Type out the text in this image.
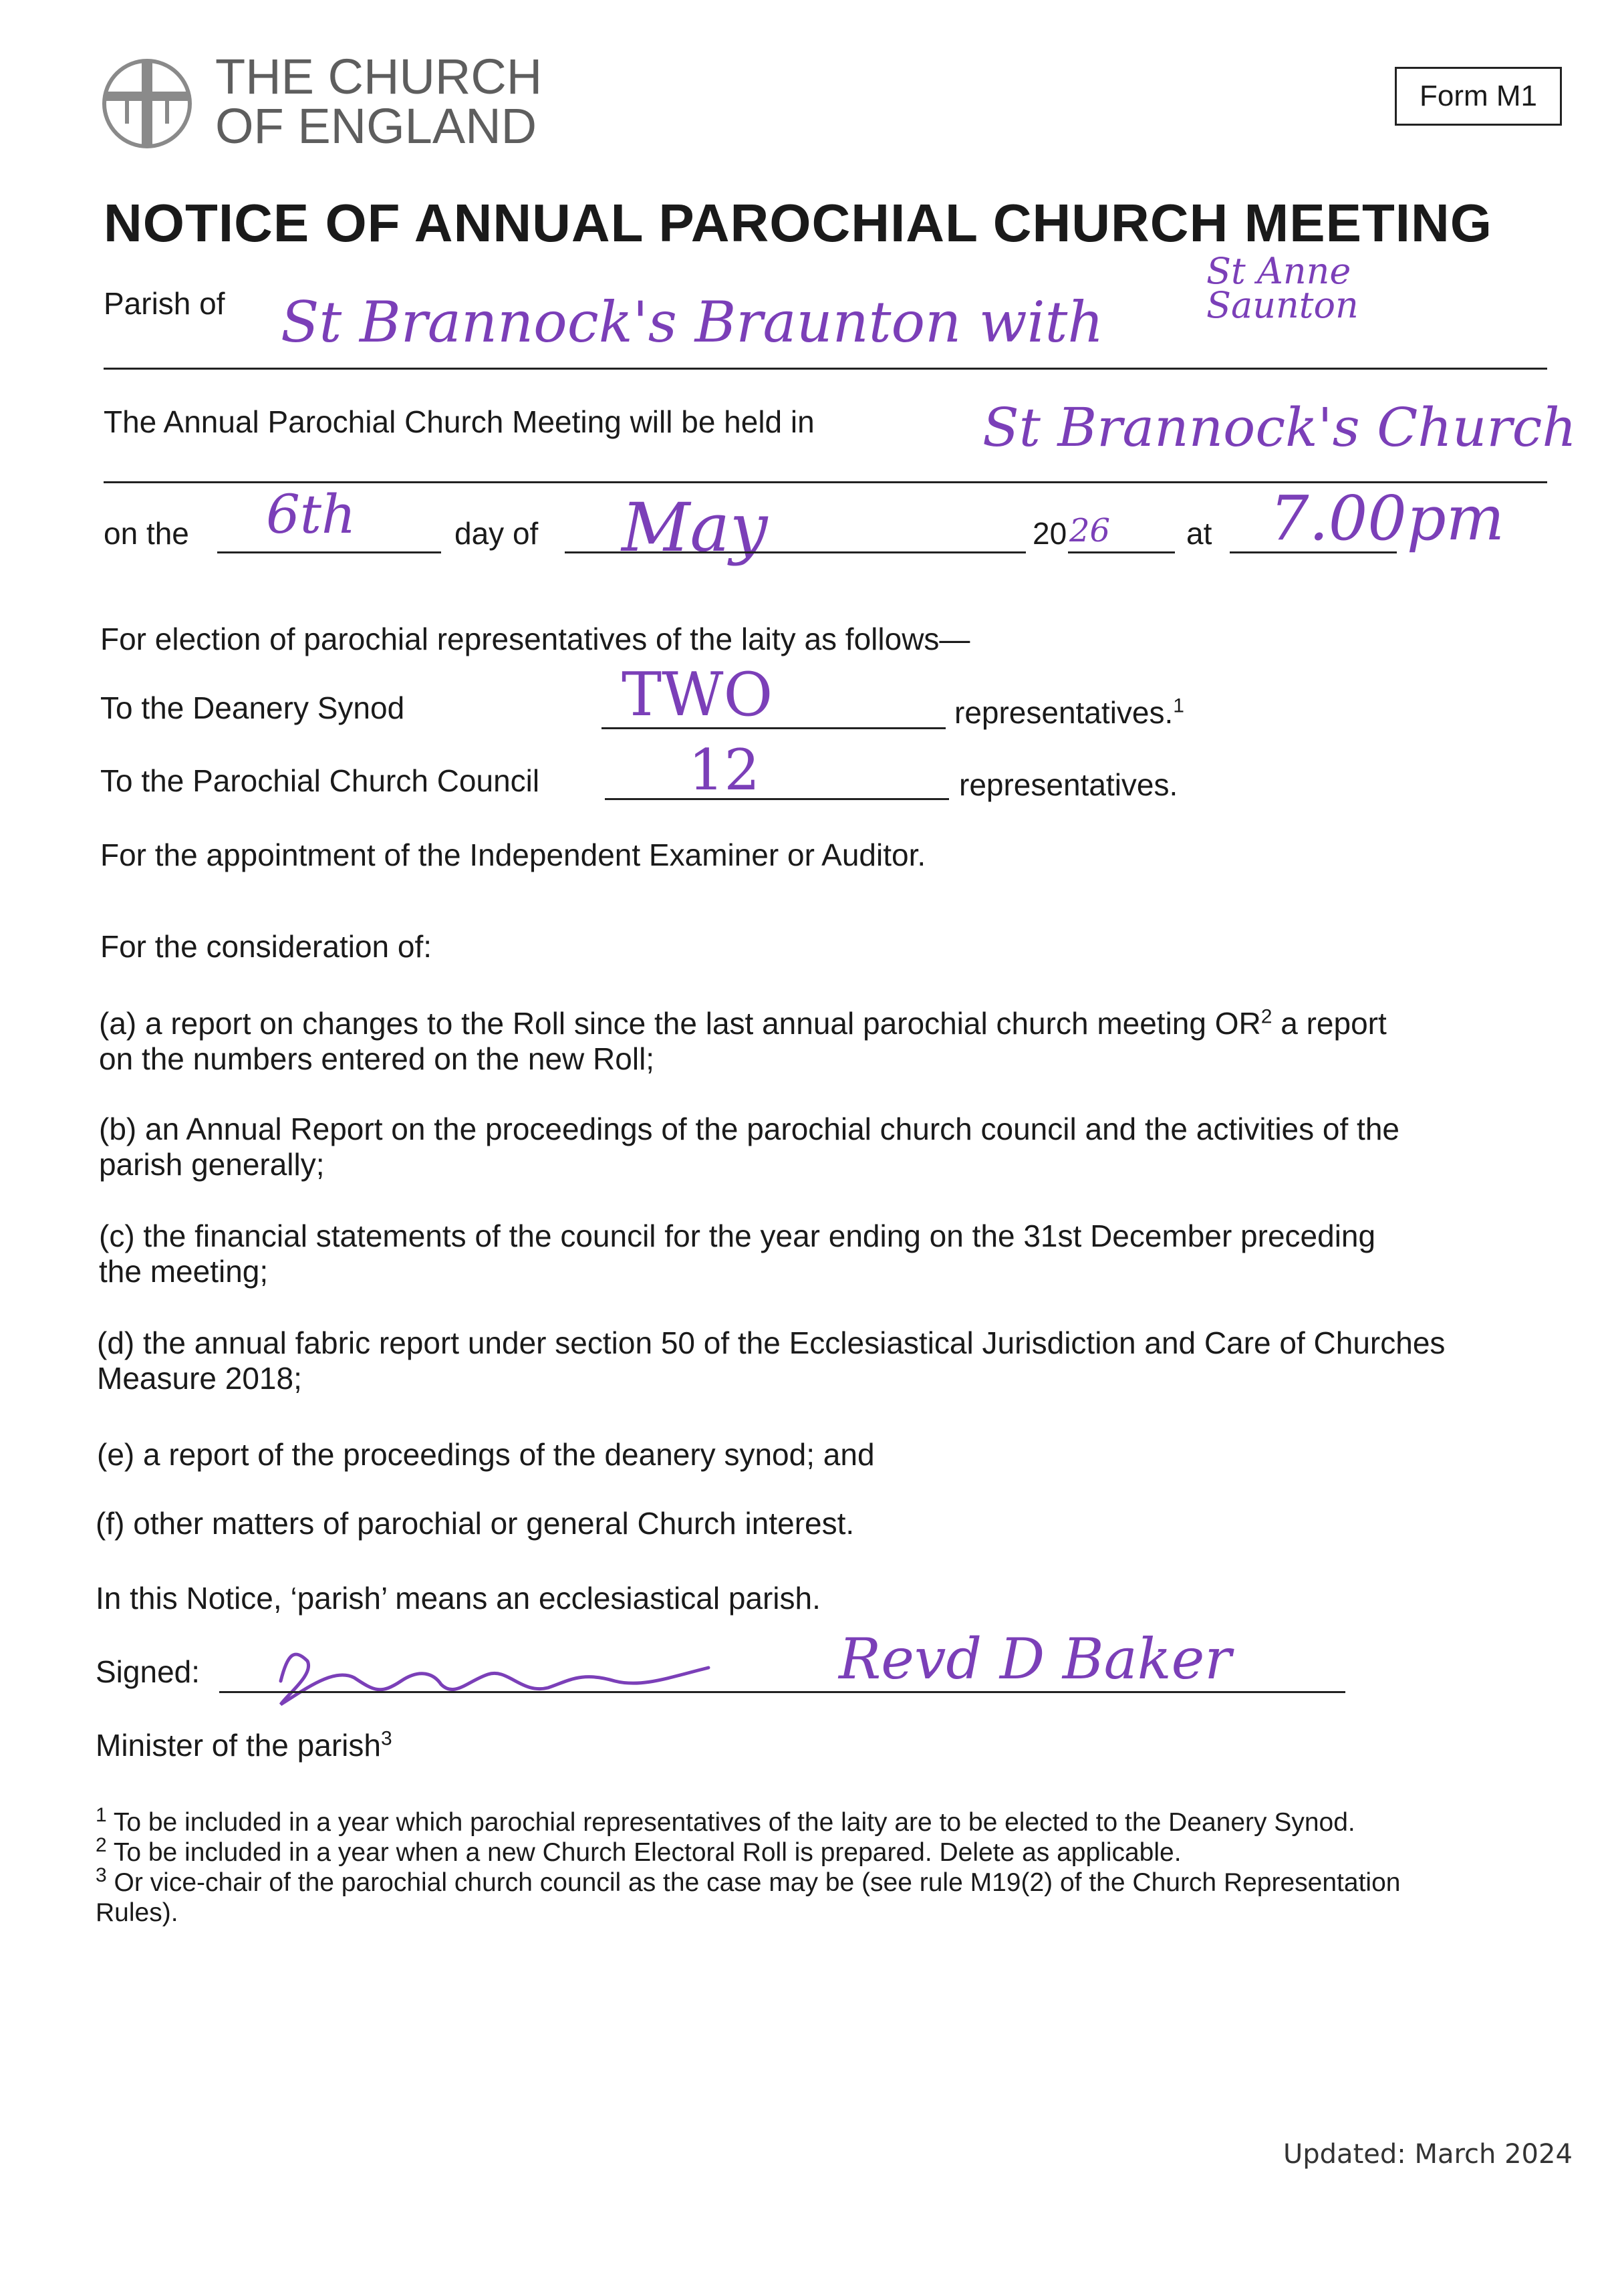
THE CHURCH
OF ENGLAND
Form M1
NOTICE OF ANNUAL PAROCHIAL CHURCH MEETING
Parish of St Brannock's Braunton with
St Anne Saunton
The Annual Parochial Church Meeting will be held in	St Brannock's Church
on the 6th	day of May	20 26 at 7.00pm
For election of parochial representatives of the laity as follows—
To the Deanery Synod	TWO	representatives.$^1$
To the Parochial Church Council	12	representatives.
For the appointment of the Independent Examiner or Auditor.
For the consideration of:
(a) a report on changes to the Roll since the last annual parochial church meeting $OR^2$ a report
on the numbers entered on the new Roll;
(b) an Annual Report on the proceedings of the parochial church council and the activities of the
parish generally;
(c) the financial statements of the council for the year ending on the 31st December preceding
the meeting;
(d) the annual fabric report under section 50 of the Ecclesiastical Jurisdiction and Care of Churches
Measure 2018;
(e) a report of the proceedings of the deanery synod; and
(f) other matters of parochial or general Church interest.
In this Notice, ‘parish’ means an ecclesiastical parish.
Signed:	Revd D Baker
Minister of the parish$^3$
$^1$ To be included in a year which parochial representatives of the laity are to be elected to the Deanery Synod.
$^2$ To be included in a year when a new Church Electoral Roll is prepared. Delete as applicable.
$^3$ Or vice-chair of the parochial church council as the case may be (see rule M19(2) of the Church Representation
Rules).
Updated: March 2024
